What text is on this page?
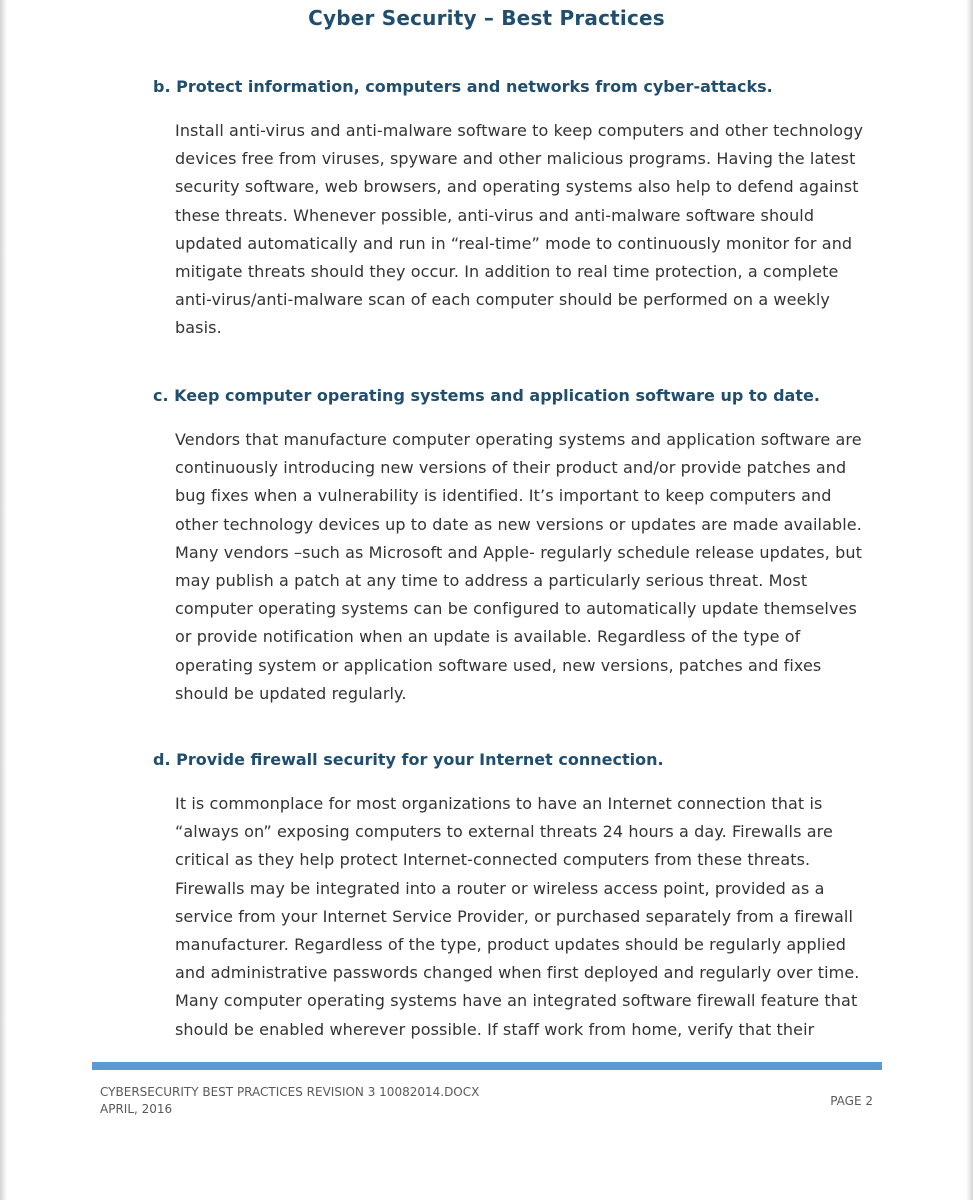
Cyber Security – Best Practices
b. Protect information, computers and networks from cyber-attacks.
Install anti-virus and anti-malware software to keep computers and other technology
devices free from viruses, spyware and other malicious programs. Having the latest
security software, web browsers, and operating systems also help to defend against
these threats. Whenever possible, anti-virus and anti-malware software should
updated automatically and run in “real-time” mode to continuously monitor for and
mitigate threats should they occur. In addition to real time protection, a complete
anti-virus/anti-malware scan of each computer should be performed on a weekly
basis.
c. Keep computer operating systems and application software up to date.
Vendors that manufacture computer operating systems and application software are
continuously introducing new versions of their product and/or provide patches and
bug fixes when a vulnerability is identified. It’s important to keep computers and
other technology devices up to date as new versions or updates are made available.
Many vendors –such as Microsoft and Apple- regularly schedule release updates, but
may publish a patch at any time to address a particularly serious threat. Most
computer operating systems can be configured to automatically update themselves
or provide notification when an update is available. Regardless of the type of
operating system or application software used, new versions, patches and fixes
should be updated regularly.
d. Provide firewall security for your Internet connection.
It is commonplace for most organizations to have an Internet connection that is
“always on” exposing computers to external threats 24 hours a day. Firewalls are
critical as they help protect Internet-connected computers from these threats.
Firewalls may be integrated into a router or wireless access point, provided as a
service from your Internet Service Provider, or purchased separately from a firewall
manufacturer. Regardless of the type, product updates should be regularly applied
and administrative passwords changed when first deployed and regularly over time.
Many computer operating systems have an integrated software firewall feature that
should be enabled wherever possible. If staff work from home, verify that their
CYBERSECURITY BEST PRACTICES REVISION 3 10082014.DOCX
APRIL, 2016
PAGE 2
